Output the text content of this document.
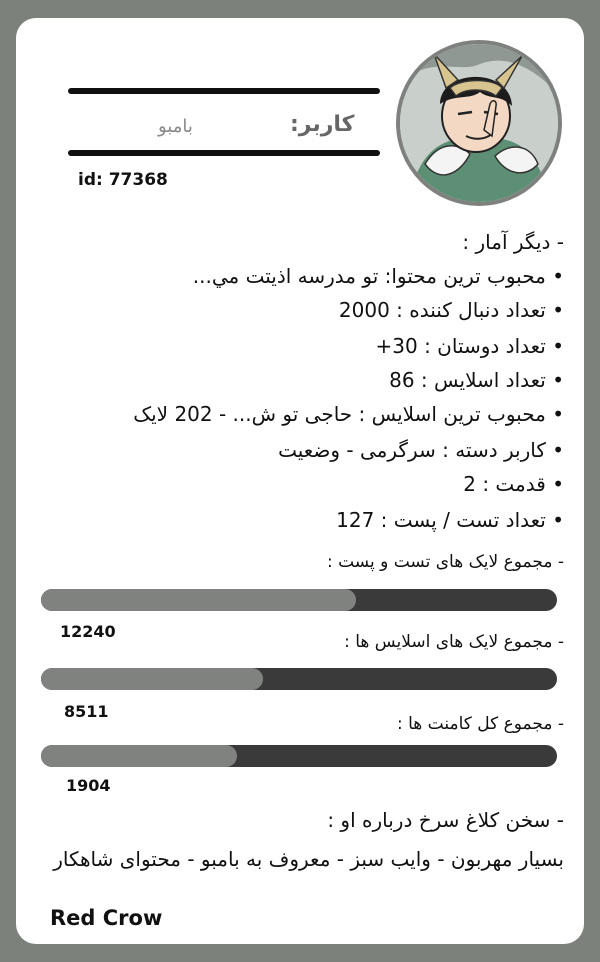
کاربر:
بامبو
id: 77368
- دیگر آمار :
• محبوب ترین محتوا: تو مدرسه اذیتت مي...
• تعداد دنبال کننده : 2000
• تعداد دوستان : 30+
• تعداد اسلایس : 86
• محبوب ترین اسلایس : حاجی تو ش... - 202 لایک
• کاربر دسته : سرگرمی - وضعیت
• قدمت : 2
• تعداد تست / پست : 127
- مجموع لایک های تست و پست :
12240
- مجموع لایک های اسلایس ها :
8511
- مجموع کل کامنت ها :
1904
- سخن کلاغ سرخ درباره او :
بسیار مهربون - وایب سبز - معروف به بامبو - محتوای شاهکار
Red Crow
